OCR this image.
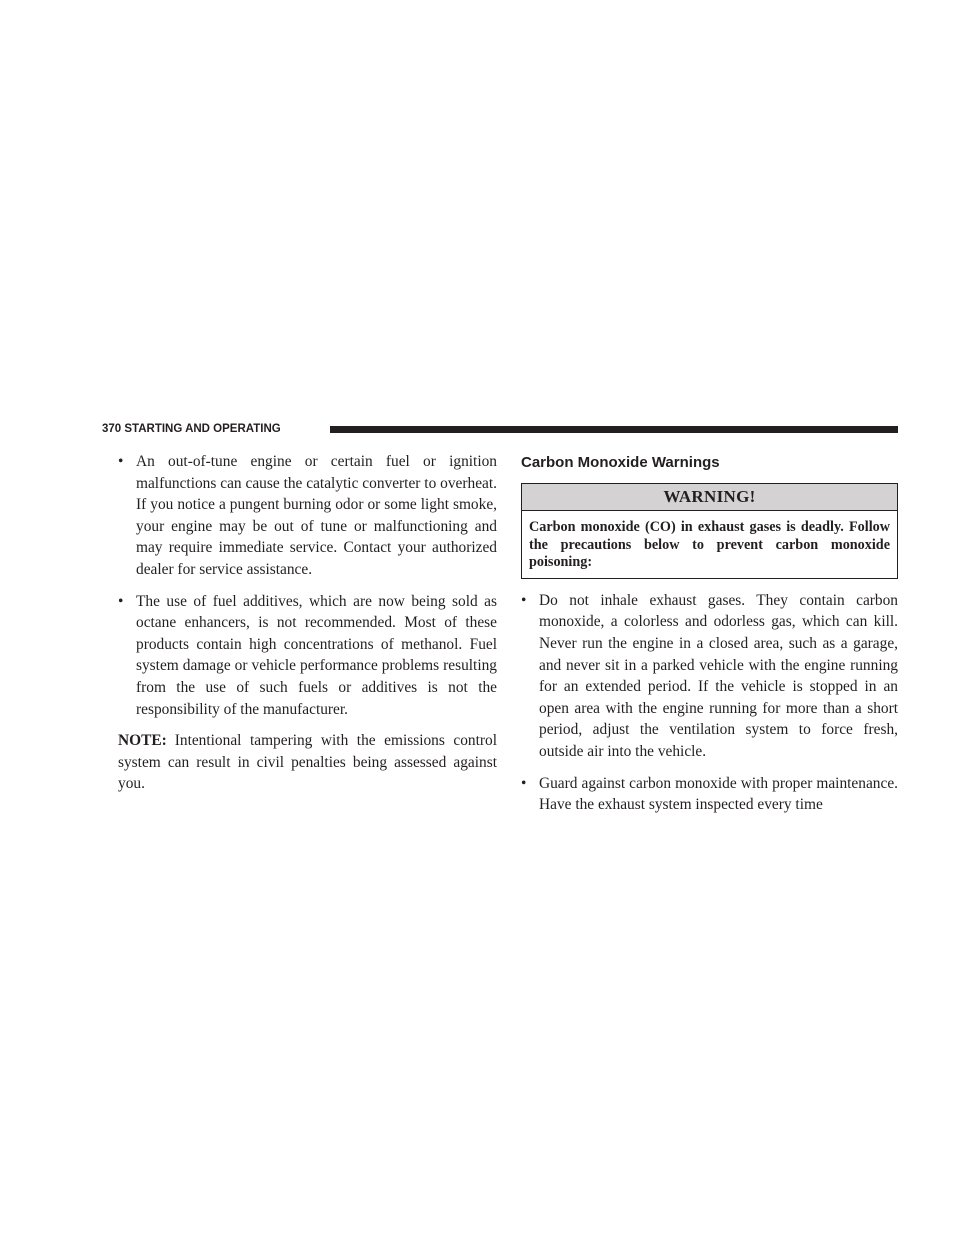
370 STARTING AND OPERATING
• An out-of-tune engine or certain fuel or ignition malfunctions can cause the catalytic converter to overheat. If you notice a pungent burning odor or some light smoke, your engine may be out of tune or malfunctioning and may require immediate service. Contact your authorized dealer for service assistance.
• The use of fuel additives, which are now being sold as octane enhancers, is not recommended. Most of these products contain high concentrations of methanol. Fuel system damage or vehicle performance problems resulting from the use of such fuels or additives is not the responsibility of the manufacturer.

NOTE: Intentional tampering with the emissions control system can result in civil penalties being assessed against you.

Carbon Monoxide Warnings
WARNING!
Carbon monoxide (CO) in exhaust gases is deadly. Follow the precautions below to prevent carbon monoxide poisoning:
• Do not inhale exhaust gases. They contain carbon monoxide, a colorless and odorless gas, which can kill. Never run the engine in a closed area, such as a garage, and never sit in a parked vehicle with the engine running for an extended period. If the vehicle is stopped in an open area with the engine running for more than a short period, adjust the ventilation system to force fresh, outside air into the vehicle.
• Guard against carbon monoxide with proper maintenance. Have the exhaust system inspected every time
